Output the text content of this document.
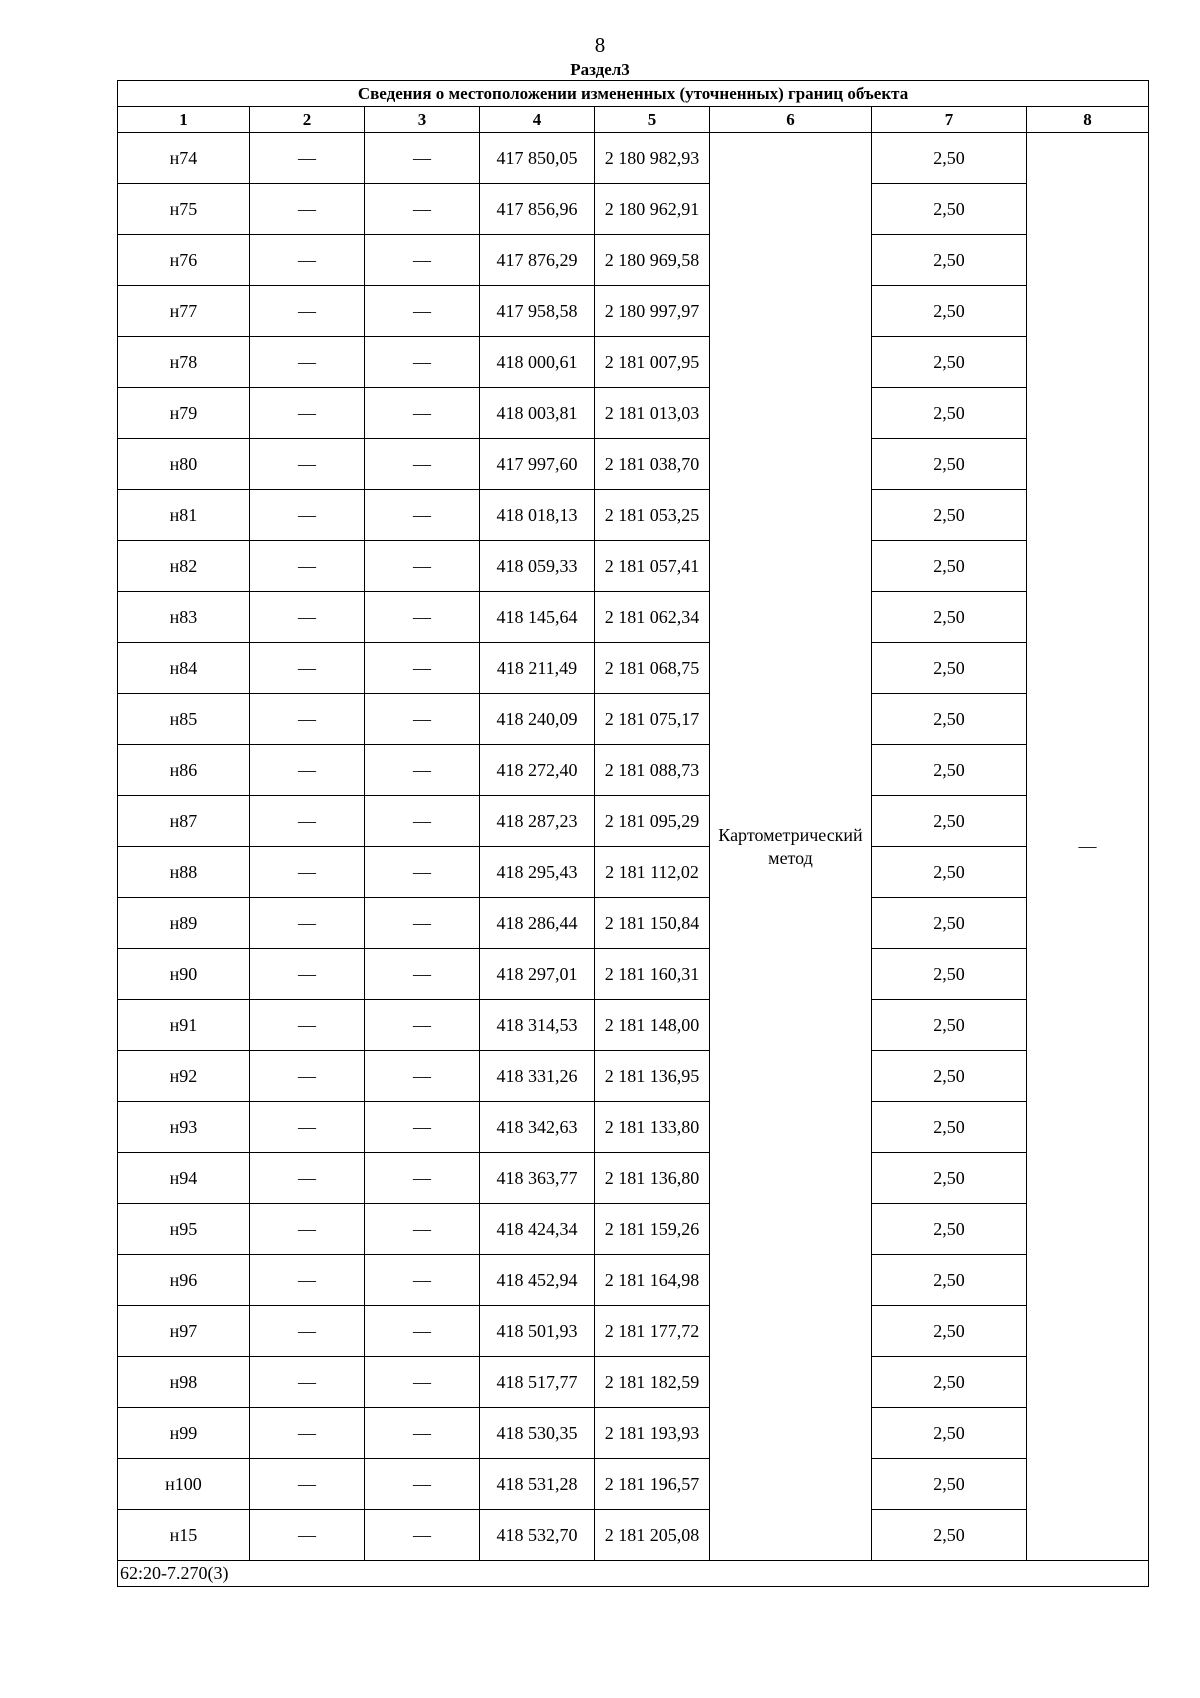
8
Раздел3
Сведения о местоположении измененных (уточненных) границ объекта							
1	2	3	4	5	6	7	8
н74	—	—	417 850,05	2 180 982,93	Картометрический метод	2,50	—
н75	—	—	417 856,96	2 180 962,91		2,50	
н76	—	—	417 876,29	2 180 969,58		2,50	
н77	—	—	417 958,58	2 180 997,97		2,50	
н78	—	—	418 000,61	2 181 007,95		2,50	
н79	—	—	418 003,81	2 181 013,03		2,50	
н80	—	—	417 997,60	2 181 038,70		2,50	
н81	—	—	418 018,13	2 181 053,25		2,50	
н82	—	—	418 059,33	2 181 057,41		2,50	
н83	—	—	418 145,64	2 181 062,34		2,50	
н84	—	—	418 211,49	2 181 068,75		2,50	
н85	—	—	418 240,09	2 181 075,17		2,50	
н86	—	—	418 272,40	2 181 088,73		2,50	
н87	—	—	418 287,23	2 181 095,29		2,50	
н88	—	—	418 295,43	2 181 112,02		2,50	
н89	—	—	418 286,44	2 181 150,84		2,50	
н90	—	—	418 297,01	2 181 160,31		2,50	
н91	—	—	418 314,53	2 181 148,00		2,50	
н92	—	—	418 331,26	2 181 136,95		2,50	
н93	—	—	418 342,63	2 181 133,80		2,50	
н94	—	—	418 363,77	2 181 136,80		2,50	
н95	—	—	418 424,34	2 181 159,26		2,50	
н96	—	—	418 452,94	2 181 164,98		2,50	
н97	—	—	418 501,93	2 181 177,72		2,50	
н98	—	—	418 517,77	2 181 182,59		2,50	
н99	—	—	418 530,35	2 181 193,93		2,50	
н100	—	—	418 531,28	2 181 196,57		2,50	
н15	—	—	418 532,70	2 181 205,08		2,50	
62:20-7.270(3)							
